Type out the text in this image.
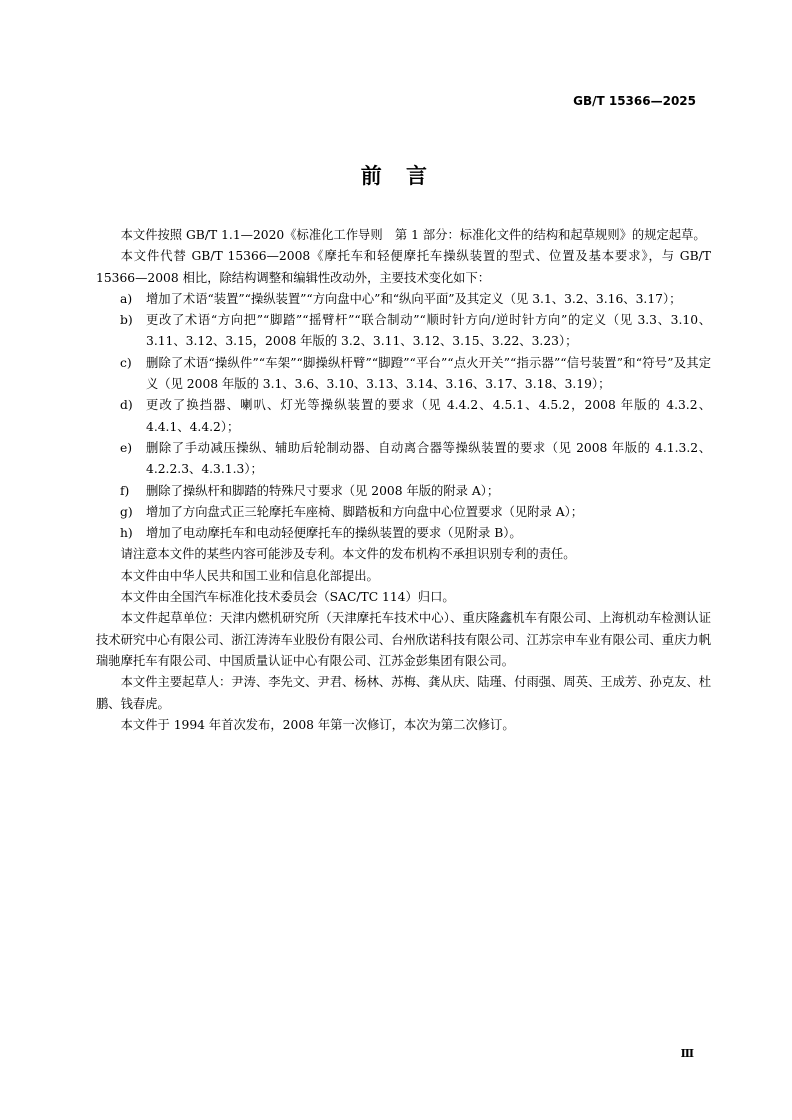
GB/T 15366—2025
前 言

本文件按照 GB/T 1.1—2020《标准化工作导则　第 1 部分：标准化文件的结构和起草规则》的规定起草。

本文件代替 GB/T 15366—2008《摩托车和轻便摩托车操纵装置的型式、位置及基本要求》，与 GB/T 15366—2008 相比，除结构调整和编辑性改动外，主要技术变化如下：

a) 增加了术语“装置”“操纵装置”“方向盘中心”和“纵向平面”及其定义（见 3.1、3.2、3.16、3.17）；

b) 更改了术语“方向把”“脚踏”“摇臂杆”“联合制动”“顺时针方向/逆时针方向”的定义（见 3.3、3.10、3.11、3.12、3.15，2008 年版的 3.2、3.11、3.12、3.15、3.22、3.23）；

c) 删除了术语“操纵件”“车架”“脚操纵杆臂”“脚蹬”“平台”“点火开关”“指示器”“信号装置”和“符号”及其定义（见 2008 年版的 3.1、3.6、3.10、3.13、3.14、3.16、3.17、3.18、3.19）；

d) 更改了换挡器、喇叭、灯光等操纵装置的要求（见 4.4.2、4.5.1、4.5.2，2008 年版的 4.3.2、4.4.1、4.4.2）；

e) 删除了手动减压操纵、辅助后轮制动器、自动离合器等操纵装置的要求（见 2008 年版的 4.1.3.2、4.2.2.3、4.3.1.3）；

f) 删除了操纵杆和脚踏的特殊尺寸要求（见 2008 年版的附录 A）；

g) 增加了方向盘式正三轮摩托车座椅、脚踏板和方向盘中心位置要求（见附录 A）；

h) 增加了电动摩托车和电动轻便摩托车的操纵装置的要求（见附录 B）。

请注意本文件的某些内容可能涉及专利。本文件的发布机构不承担识别专利的责任。

本文件由中华人民共和国工业和信息化部提出。

本文件由全国汽车标准化技术委员会（SAC/TC 114）归口。

本文件起草单位：天津内燃机研究所（天津摩托车技术中心）、重庆隆鑫机车有限公司、上海机动车检测认证技术研究中心有限公司、浙江涛涛车业股份有限公司、台州欣诺科技有限公司、江苏宗申车业有限公司、重庆力帆瑞驰摩托车有限公司、中国质量认证中心有限公司、江苏金彭集团有限公司。

本文件主要起草人：尹涛、李先文、尹君、杨林、苏梅、龚从庆、陆瑾、付雨强、周英、王成芳、孙克友、杜鹏、钱春虎。

本文件于 1994 年首次发布，2008 年第一次修订，本次为第二次修订。

Ⅲ
